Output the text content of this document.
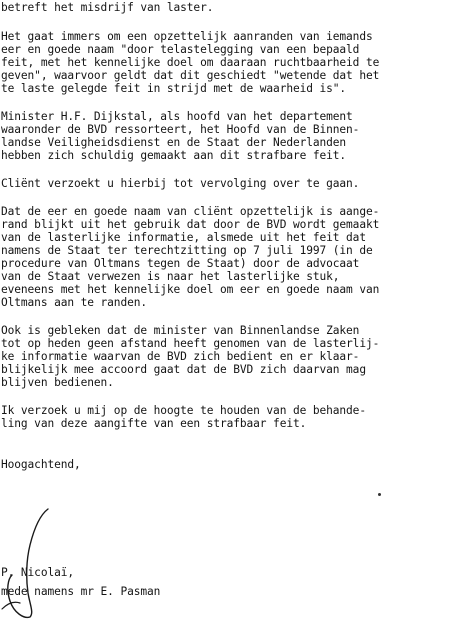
betreft het misdrijf van laster.
Het gaat immers om een opzettelijk aanranden van iemands
eer en goede naam "door telastelegging van een bepaald
feit, met het kennelijke doel om daaraan ruchtbaarheid te
geven", waarvoor geldt dat dit geschiedt "wetende dat het
te laste gelegde feit in strijd met de waarheid is".
Minister H.F. Dijkstal, als hoofd van het departement
waaronder de BVD ressorteert, het Hoofd van de Binnen-
landse Veiligheidsdienst en de Staat der Nederlanden
hebben zich schuldig gemaakt aan dit strafbare feit.
Cliënt verzoekt u hierbij tot vervolging over te gaan.
Dat de eer en goede naam van cliënt opzettelijk is aange-
rand blijkt uit het gebruik dat door de BVD wordt gemaakt
van de lasterlijke informatie, alsmede uit het feit dat
namens de Staat ter terechtzitting op 7 juli 1997 (in de
procedure van Oltmans tegen de Staat) door de advocaat
van de Staat verwezen is naar het lasterlijke stuk,
eveneens met het kennelijke doel om eer en goede naam van
Oltmans aan te randen.
Ook is gebleken dat de minister van Binnenlandse Zaken
tot op heden geen afstand heeft genomen van de lasterlij-
ke informatie waarvan de BVD zich bedient en er klaar-
blijkelijk mee accoord gaat dat de BVD zich daarvan mag
blijven bedienen.
Ik verzoek u mij op de hoogte te houden van de behande-
ling van deze aangifte van een strafbaar feit.
Hoogachtend,
P. Nicolaï,
mede namens mr E. Pasman
